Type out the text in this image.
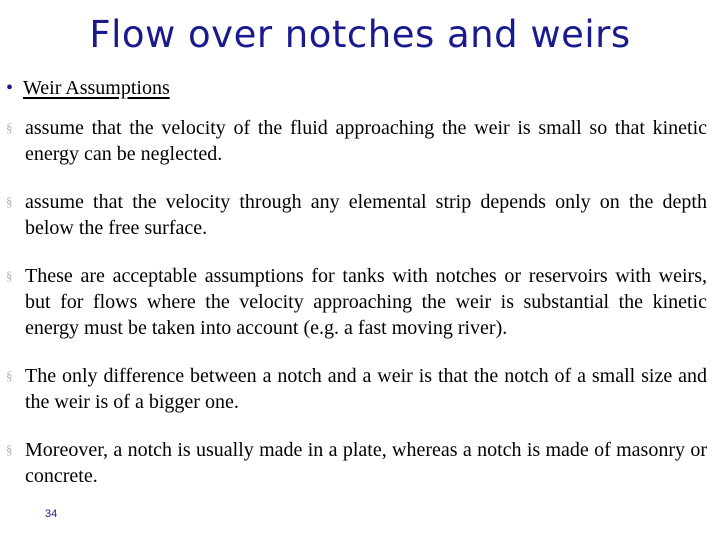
Flow over notches and weirs
• Weir Assumptions
§ assume that the velocity of the fluid approaching the weir is small so that kinetic energy can be neglected.
§ assume that the velocity through any elemental strip depends only on the depth below the free surface.
§ These are acceptable assumptions for tanks with notches or reservoirs with weirs, but for flows where the velocity approaching the weir is substantial the kinetic energy must be taken into account (e.g. a fast moving river).
§ The only difference between a notch and a weir is that the notch of a small size and the weir is of a bigger one.
§ Moreover, a notch is usually made in a plate, whereas a notch is made of masonry or concrete.
34
